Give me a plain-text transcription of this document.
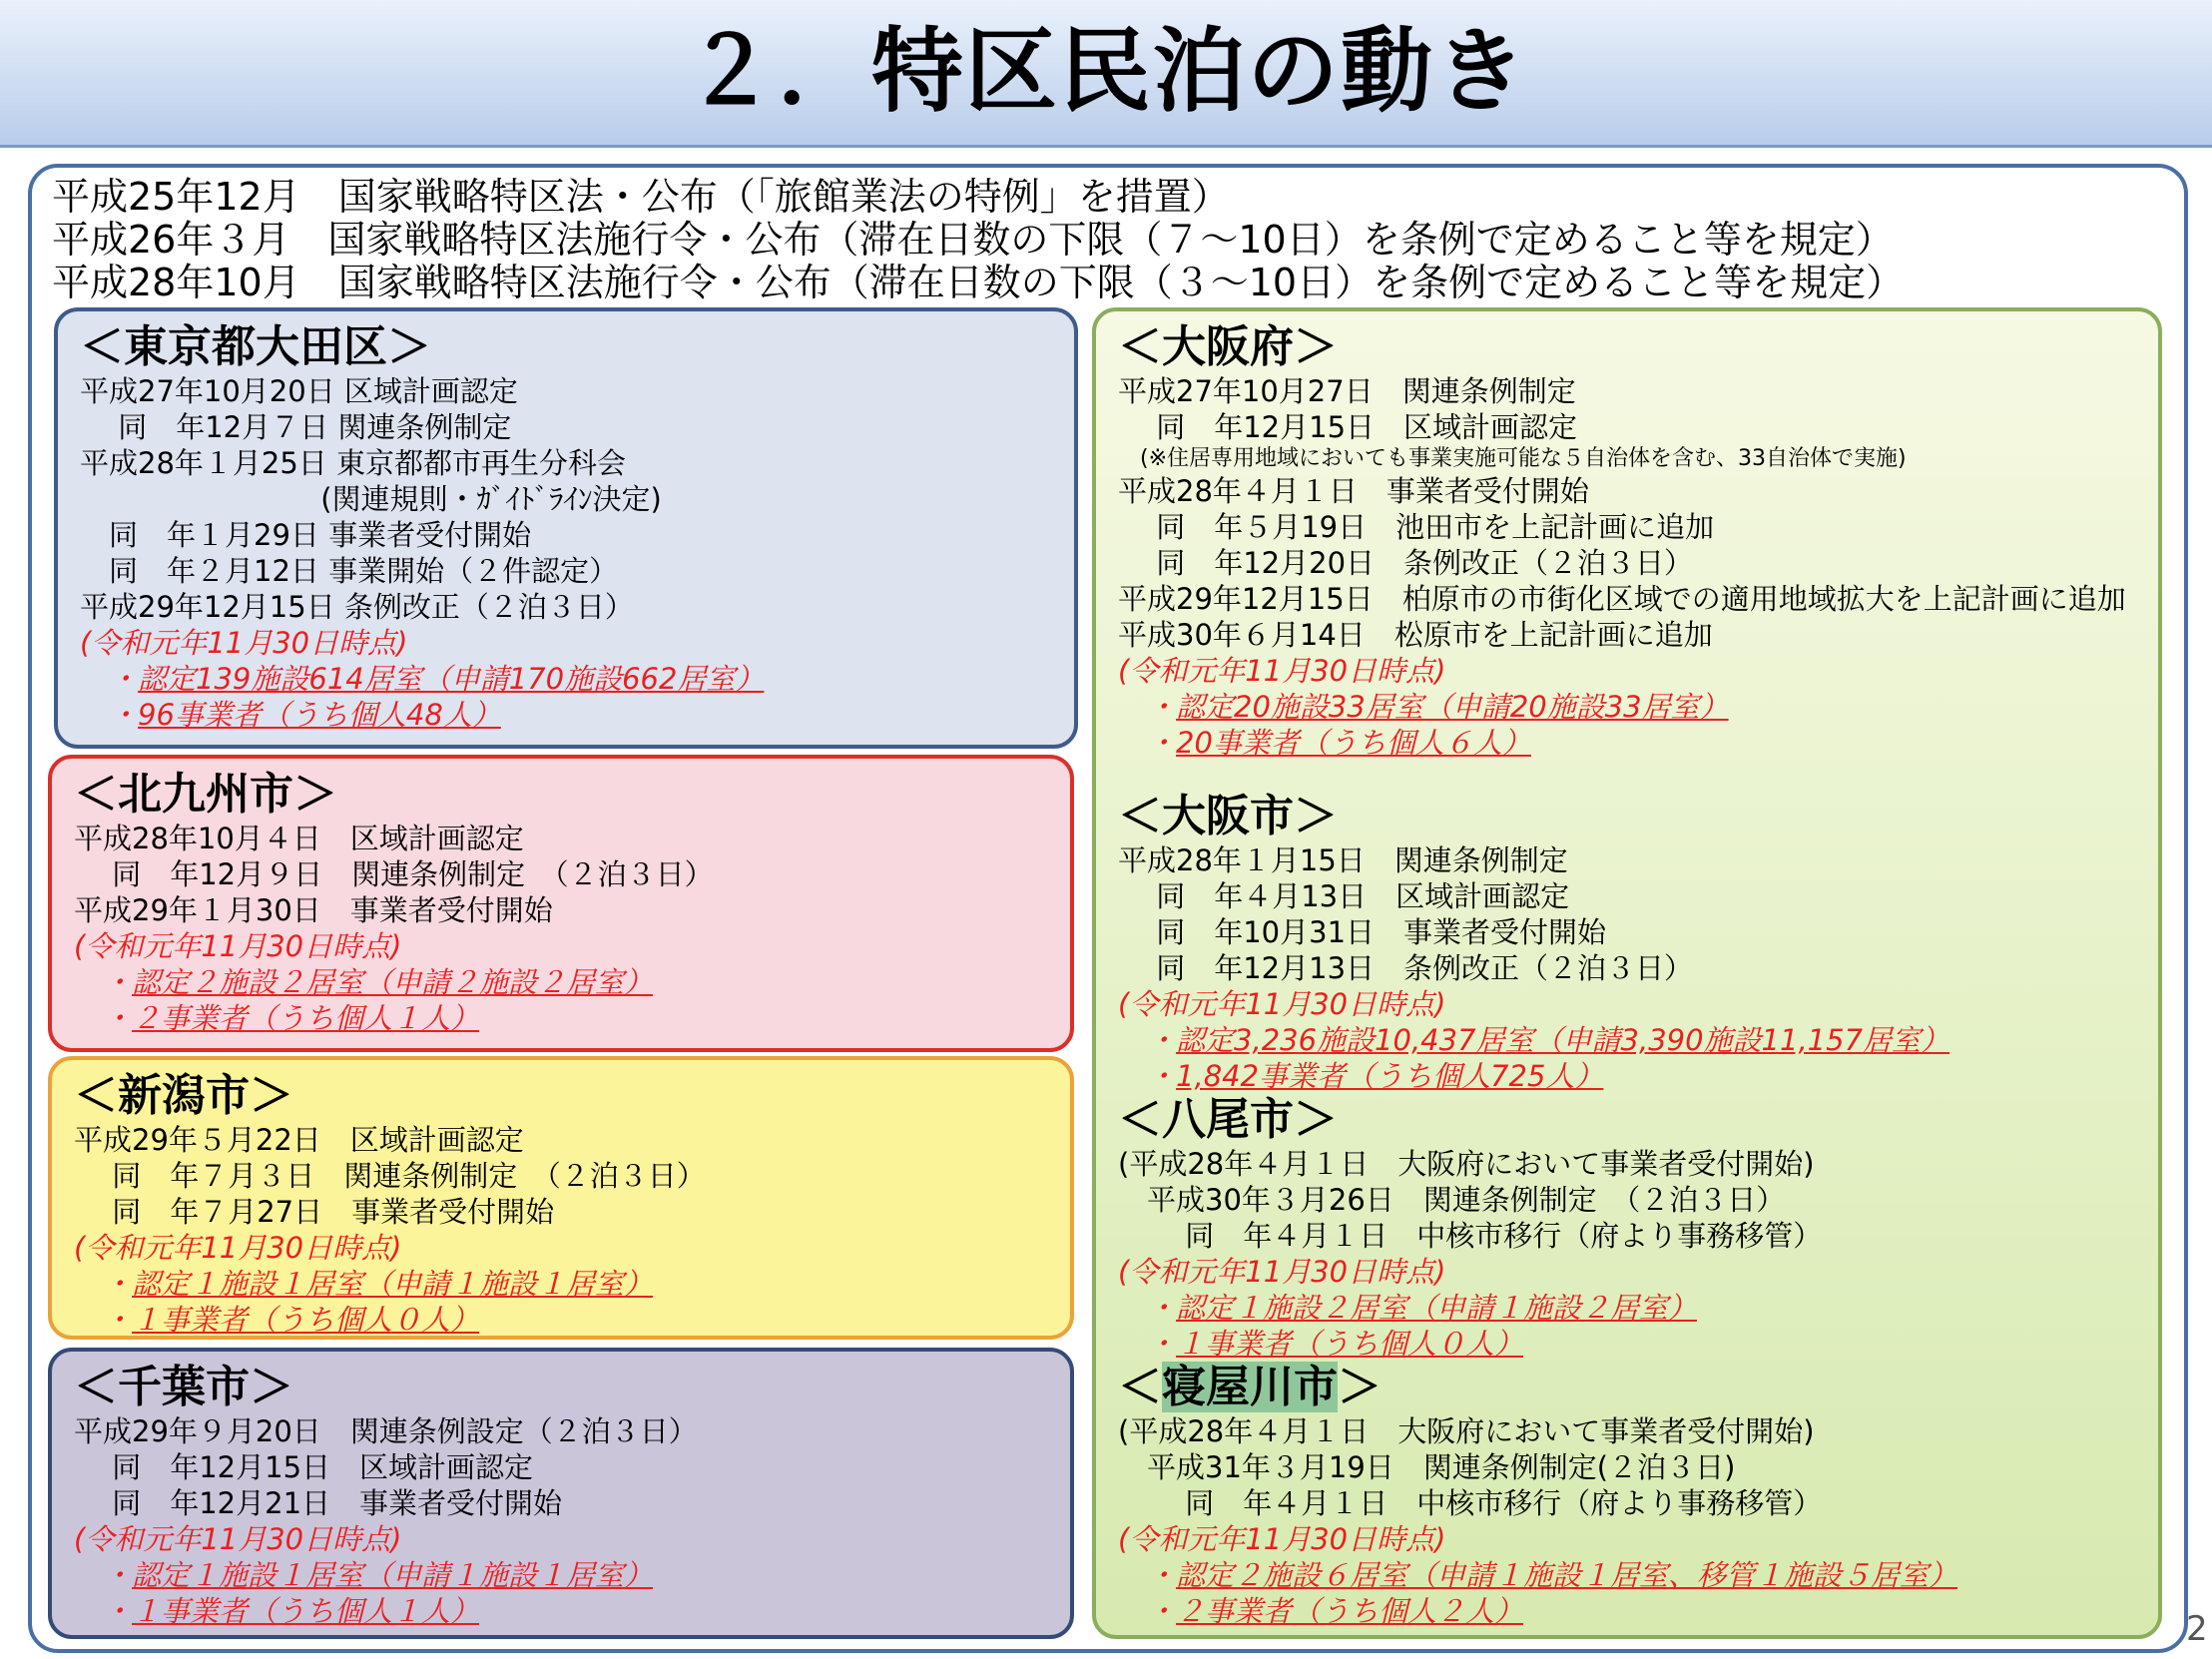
２．特区民泊の動き
平成25年12月　国家戦略特区法・公布（「旅館業法の特例」を措置）
平成26年３月　国家戦略特区法施行令・公布（滞在日数の下限（７～10日）を条例で定めること等を規定）
平成28年10月　国家戦略特区法施行令・公布（滞在日数の下限（３～10日）を条例で定めること等を規定）
＜東京都大田区＞
平成27年10月20日 区域計画認定
　 同　年12月７日 関連条例制定
平成28年１月25日 東京都都市再生分科会
　　　　　　　　 (関連規則・ｶﾞｲﾄﾞﾗｲﾝ決定)
　同　年１月29日 事業者受付開始
　同　年２月12日 事業開始（２件認定）
平成29年12月15日 条例改正（２泊３日）
(令和元年11月30日時点)
　・認定139施設614居室（申請170施設662居室）
　・96事業者（うち個人48人）
＜北九州市＞
平成28年10月４日　区域計画認定
　 同　年12月９日　関連条例制定　（２泊３日）
平成29年１月30日　事業者受付開始
(令和元年11月30日時点)
　・認定２施設２居室（申請２施設２居室）
　・２事業者（うち個人１人）
＜新潟市＞
平成29年５月22日　区域計画認定
　 同　年７月３日　関連条例制定　（２泊３日）
　 同　年７月27日　事業者受付開始
(令和元年11月30日時点)
　・認定１施設１居室（申請１施設１居室）
　・１事業者（うち個人０人）
＜千葉市＞
平成29年９月20日　関連条例設定（２泊３日）
　 同　年12月15日　区域計画認定
　 同　年12月21日　事業者受付開始
(令和元年11月30日時点)
　・認定１施設１居室（申請１施設１居室）
　・１事業者（うち個人１人）
＜大阪府＞
平成27年10月27日　関連条例制定
　 同　年12月15日　区域計画認定
　(※住居専用地域においても事業実施可能な５自治体を含む、33自治体で実施)
平成28年４月１日　事業者受付開始
　 同　年５月19日　池田市を上記計画に追加
　 同　年12月20日　条例改正（２泊３日）
平成29年12月15日　柏原市の市街化区域での適用地域拡大を上記計画に追加
平成30年６月14日　松原市を上記計画に追加
(令和元年11月30日時点)
　・認定20施設33居室（申請20施設33居室）
　・20事業者（うち個人６人）
＜大阪市＞
平成28年１月15日　関連条例制定
　 同　年４月13日　区域計画認定
　 同　年10月31日　事業者受付開始
　 同　年12月13日　条例改正（２泊３日）
(令和元年11月30日時点)
　・認定3,236施設10,437居室（申請3,390施設11,157居室）
　・1,842事業者（うち個人725人）
＜八尾市＞
(平成28年４月１日　大阪府において事業者受付開始)
　平成30年３月26日　関連条例制定　（２泊３日）
　　 同　年４月１日　中核市移行（府より事務移管）
(令和元年11月30日時点)
　・認定１施設２居室（申請１施設２居室）
　・１事業者（うち個人０人）
＜寝屋川市＞
(平成28年４月１日　大阪府において事業者受付開始)
　平成31年３月19日　関連条例制定(２泊３日)
　　 同　年４月１日　中核市移行（府より事務移管）
(令和元年11月30日時点)
　・認定２施設６居室（申請１施設１居室、移管１施設５居室）
　・２事業者（うち個人２人）	2
